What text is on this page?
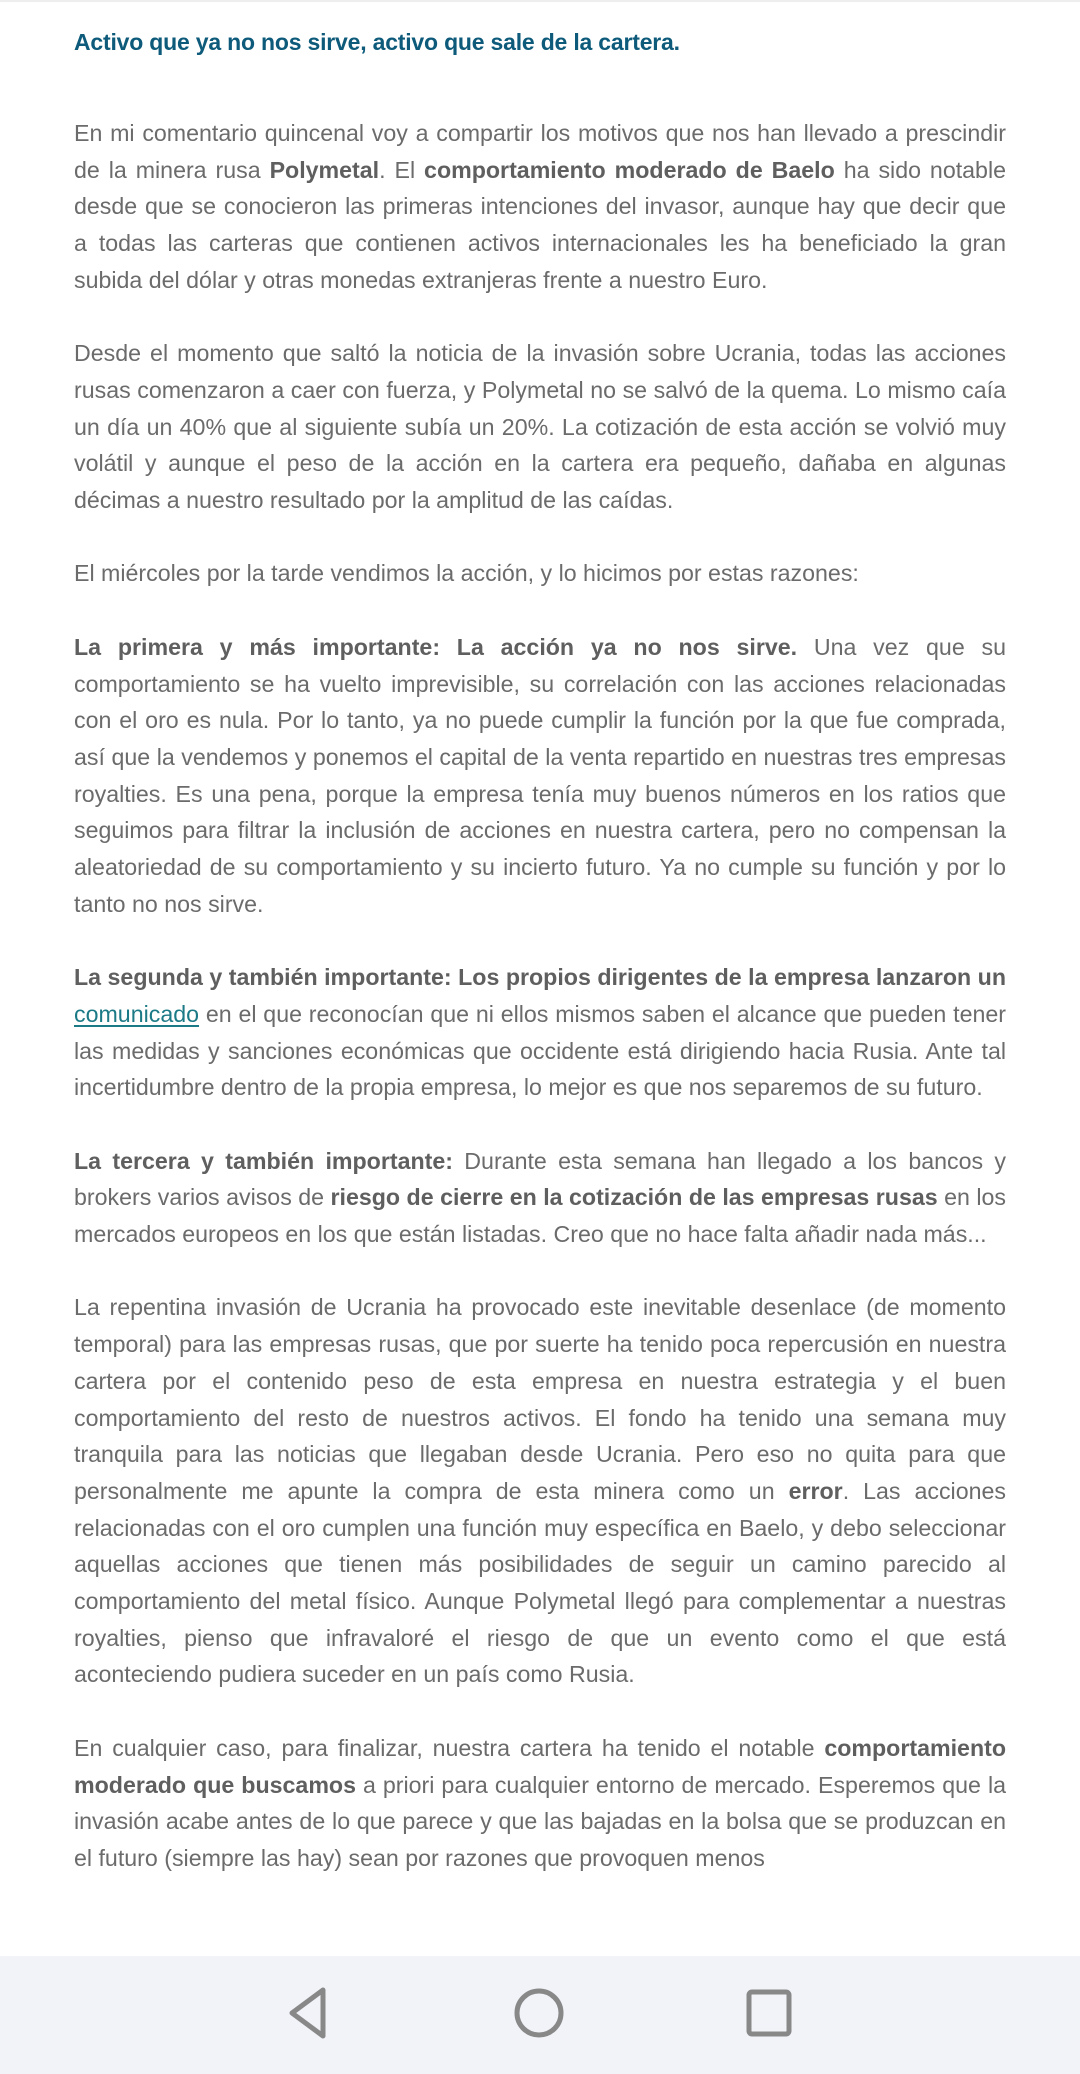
Activo que ya no nos sirve, activo que sale de la cartera.

En mi comentario quincenal voy a compartir los motivos que nos han llevado a prescindir de la minera rusa Polymetal. El comportamiento moderado de Baelo ha sido notable desde que se conocieron las primeras intenciones del invasor, aunque hay que decir que a todas las carteras que contienen activos internacionales les ha beneficiado la gran subida del dólar y otras monedas extranjeras frente a nuestro Euro.

Desde el momento que saltó la noticia de la invasión sobre Ucrania, todas las acciones rusas comenzaron a caer con fuerza, y Polymetal no se salvó de la quema. Lo mismo caía un día un 40% que al siguiente subía un 20%. La cotización de esta acción se volvió muy volátil y aunque el peso de la acción en la cartera era pequeño, dañaba en algunas décimas a nuestro resultado por la amplitud de las caídas.

El miércoles por la tarde vendimos la acción, y lo hicimos por estas razones:

La primera y más importante: La acción ya no nos sirve. Una vez que su comportamiento se ha vuelto imprevisible, su correlación con las acciones relacionadas con el oro es nula. Por lo tanto, ya no puede cumplir la función por la que fue comprada, así que la vendemos y ponemos el capital de la venta repartido en nuestras tres empresas royalties. Es una pena, porque la empresa tenía muy buenos números en los ratios que seguimos para filtrar la inclusión de acciones en nuestra cartera, pero no compensan la aleatoriedad de su comportamiento y su incierto futuro. Ya no cumple su función y por lo tanto no nos sirve.

La segunda y también importante: Los propios dirigentes de la empresa lanzaron un comunicado en el que reconocían que ni ellos mismos saben el alcance que pueden tener las medidas y sanciones económicas que occidente está dirigiendo hacia Rusia. Ante tal incertidumbre dentro de la propia empresa, lo mejor es que nos separemos de su futuro.

La tercera y también importante: Durante esta semana han llegado a los bancos y brokers varios avisos de riesgo de cierre en la cotización de las empresas rusas en los mercados europeos en los que están listadas. Creo que no hace falta añadir nada más...

La repentina invasión de Ucrania ha provocado este inevitable desenlace (de momento temporal) para las empresas rusas, que por suerte ha tenido poca repercusión en nuestra cartera por el contenido peso de esta empresa en nuestra estrategia y el buen comportamiento del resto de nuestros activos. El fondo ha tenido una semana muy tranquila para las noticias que llegaban desde Ucrania. Pero eso no quita para que personalmente me apunte la compra de esta minera como un error. Las acciones relacionadas con el oro cumplen una función muy específica en Baelo, y debo seleccionar aquellas acciones que tienen más posibilidades de seguir un camino parecido al comportamiento del metal físico. Aunque Polymetal llegó para complementar a nuestras royalties, pienso que infravaloré el riesgo de que un evento como el que está aconteciendo pudiera suceder en un país como Rusia.

En cualquier caso, para finalizar, nuestra cartera ha tenido el notable comportamiento moderado que buscamos a priori para cualquier entorno de mercado. Esperemos que la invasión acabe antes de lo que parece y que las bajadas en la bolsa que se produzcan en el futuro (siempre las hay) sean por razones que provoquen menos
